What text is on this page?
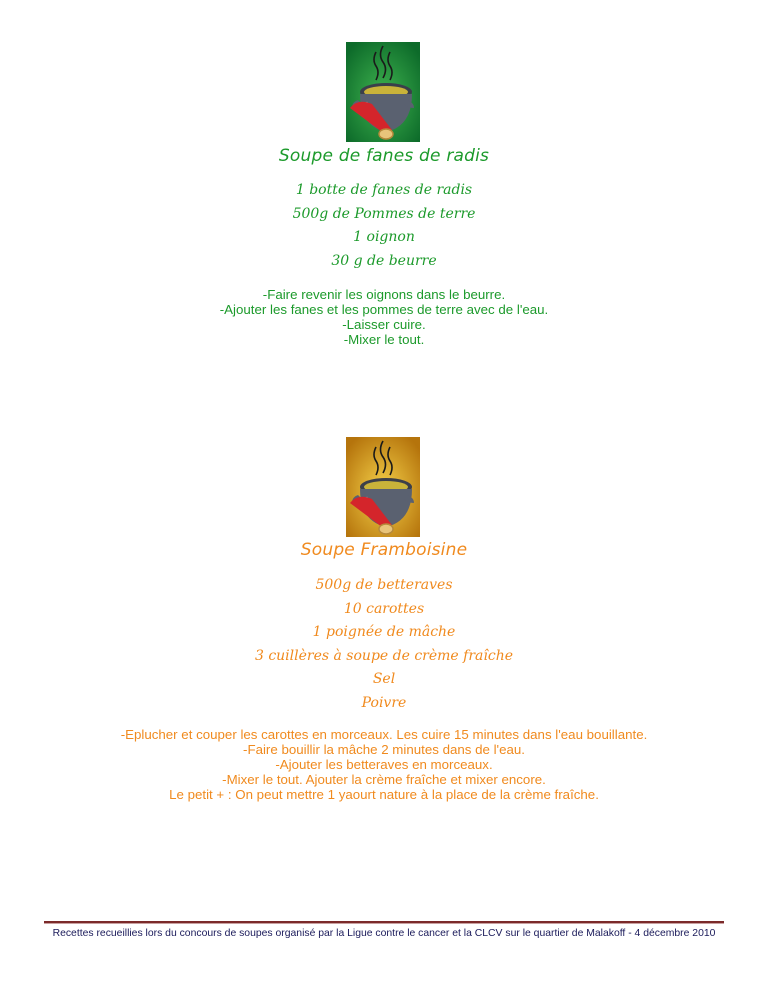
Soupe de fanes de radis
1 botte de fanes de radis
500g de Pommes de terre
1 oignon
30 g de beurre
-Faire revenir les oignons dans le beurre.
-Ajouter les fanes et les pommes de terre avec de l'eau.
-Laisser cuire.
-Mixer le tout.
Soupe Framboisine
500g de betteraves
10 carottes
1 poignée de mâche
3 cuillères à soupe de crème fraîche
Sel
Poivre
-Eplucher et couper les carottes en morceaux. Les cuire 15 minutes dans l'eau bouillante.
-Faire bouillir la mâche 2 minutes dans de l'eau.
-Ajouter les betteraves en morceaux.
-Mixer le tout. Ajouter la crème fraîche et mixer encore.
Le petit + : On peut mettre 1 yaourt nature à la place de la crème fraîche.
Recettes recueillies lors du concours de soupes organisé par la Ligue contre le cancer et la CLCV sur le quartier de Malakoff - 4 décembre 2010
